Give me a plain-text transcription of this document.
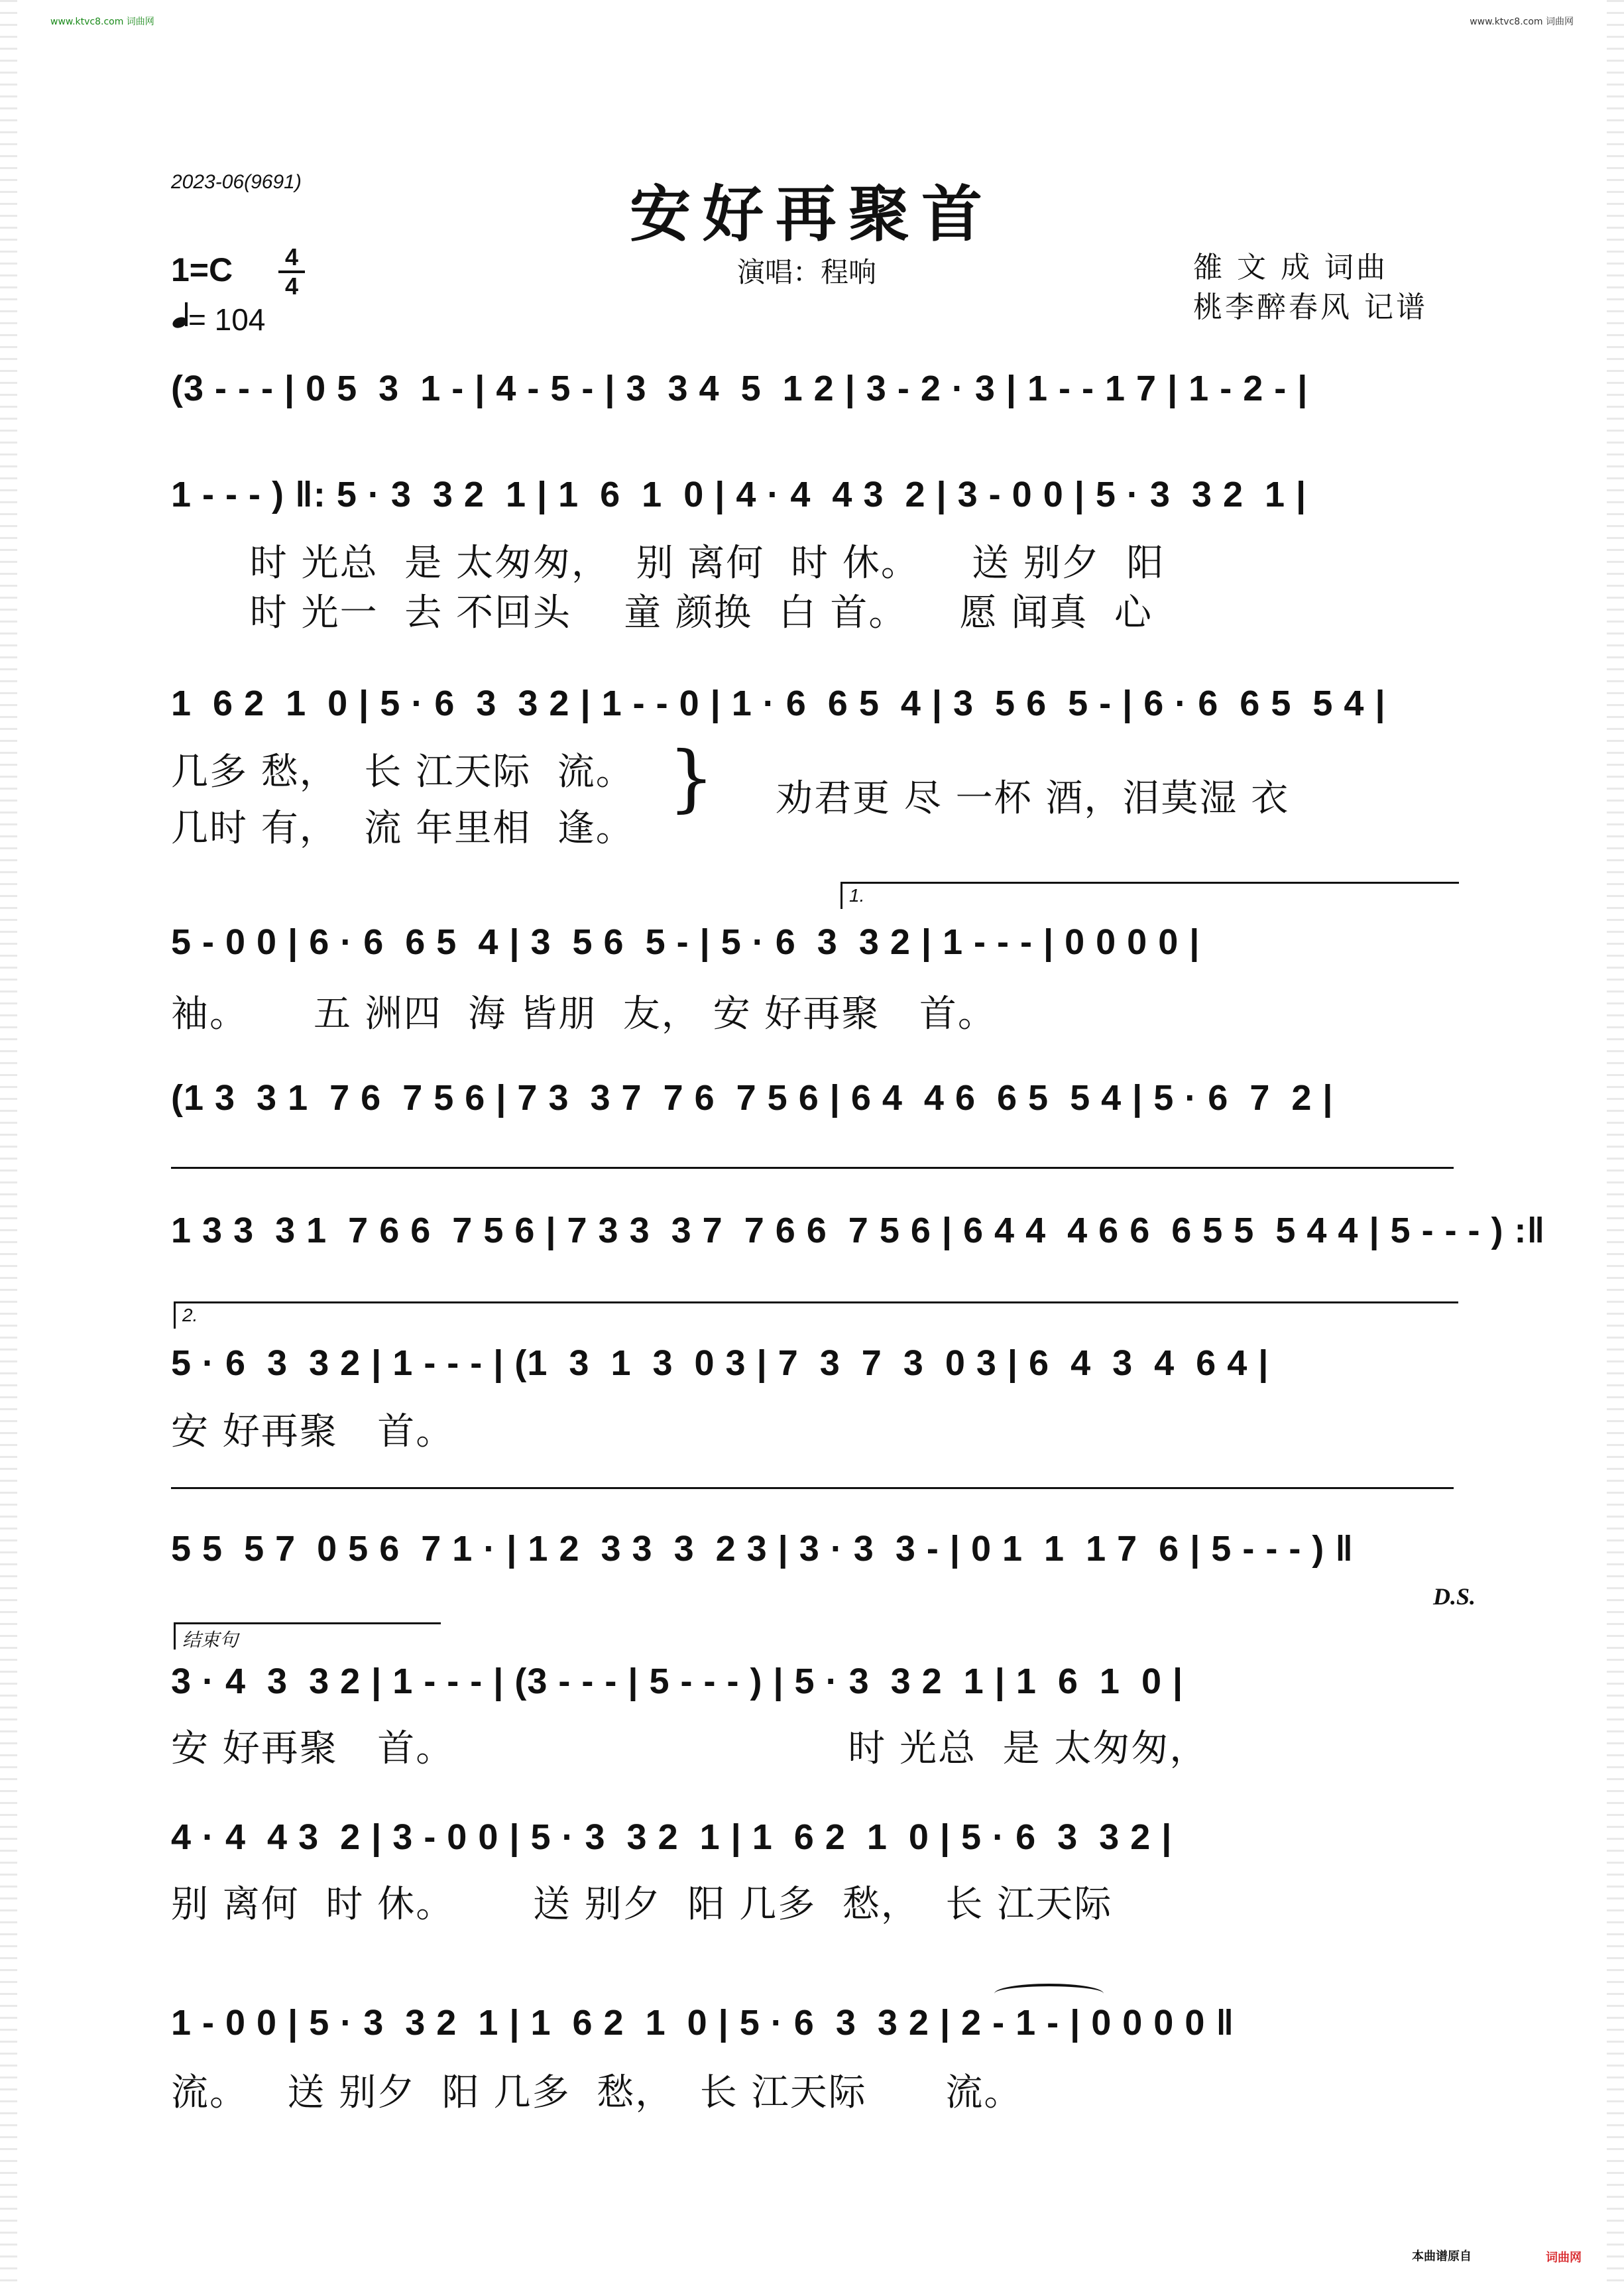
www.ktvc8.com 词曲网	www.ktvc8.com 词曲网
2023-06(9691)	安好再聚首
1=C 4
4
= 104
演唱：程响	雒 文 成 词曲
桃李醉春风 记谱
(3 - - - | 0 5  3  1 - | 4 - 5 - | 3  3 4  5  1 2 | 3 - 2 · 3 | 1 - - 1 7 | 1 - 2 - |
1 - - - ) ‖: 5 · 3  3 2  1 | 1  6  1  0 | 4 · 4  4 3  2 | 3 - 0 0 | 5 · 3  3 2  1 |
时 光总  是 太匆匆，  别 离何  时 休。    送 别夕  阳
时 光一  去 不回头    童 颜换  白 首。    愿 闻真  心
1  6 2  1  0 | 5 · 6  3  3 2 | 1 - - 0 | 1 · 6  6 5  4 | 3  5 6  5 - | 6 · 6  6 5  5 4 |
几多 愁，  长 江天际  流。
几时 有，  流 年里相  逢。
} 劝君更 尽 一杯 酒，泪莫湿 衣
1.
5 - 0 0 | 6 · 6  6 5  4 | 3  5 6  5 - | 5 · 6  3  3 2 | 1 - - - | 0 0 0 0 |
袖。     五 洲四  海 皆朋  友， 安 好再聚   首。
(1 3  3 1  7 6  7 5 6 | 7 3  3 7  7 6  7 5 6 | 6 4  4 6  6 5  5 4 | 5 · 6  7  2 |
1 3 3  3 1  7 6 6  7 5 6 | 7 3 3  3 7  7 6 6  7 5 6 | 6 4 4  4 6 6  6 5 5  5 4 4 | 5 - - - ) :‖
2.
5 · 6  3  3 2 | 1 - - - | (1  3  1  3  0 3 | 7  3  7  3  0 3 | 6  4  3  4  6 4 |
安 好再聚   首。
5 5  5 7  0 5 6  7 1 · | 1 2  3 3  3  2 3 | 3 · 3  3 - | 0 1  1  1 7  6 | 5 - - - ) ‖
D.S.
结束句
3 · 4  3  3 2 | 1 - - - | (3 - - - | 5 - - - ) | 5 · 3  3 2  1 | 1  6  1  0 |
安 好再聚   首。                              时 光总  是 太匆匆，
4 · 4  4 3  2 | 3 - 0 0 | 5 · 3  3 2  1 | 1  6 2  1  0 | 5 · 6  3  3 2 |
别 离何  时 休。      送 别夕  阳 几多  愁，  长 江天际
1 - 0 0 | 5 · 3  3 2  1 | 1  6 2  1  0 | 5 · 6  3  3 2 | 2 - 1 - | 0 0 0 0 ‖
流。   送 别夕  阳 几多  愁，  长 江天际      流。
本曲谱原自	词曲网
